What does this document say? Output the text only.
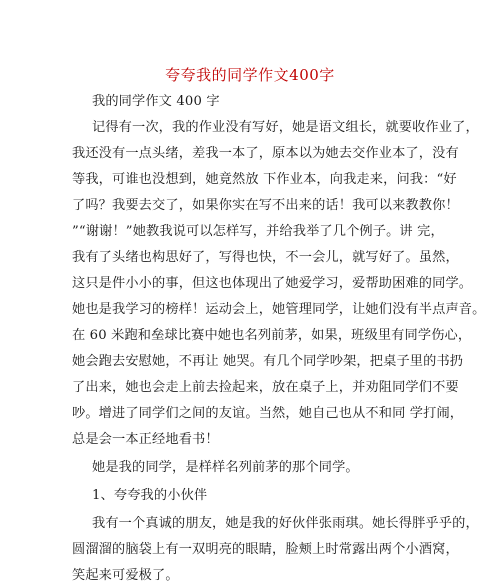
夸夸我的同学作文400字
我的同学作文 400 字
记得有一次，我的作业没有写好，她是语文组长，就要收作业了，
我还没有一点头绪，差我一本了，原本以为她去交作业本了，没有
等我，可谁也没想到，她竟然放 下作业本，向我走来，问我：“好
了吗？我要去交了，如果你实在写不出来的话！我可以来教教你！
”“谢谢！”她教我说可以怎样写，并给我举了几个例子。讲 完，
我有了头绪也构思好了，写得也快，不一会儿，就写好了。虽然，
这只是件小小的事，但这也体现出了她爱学习，爱帮助困难的同学。
她也是我学习的榜样！运动会上，她管理同学，让她们没有半点声音。
在 60 米跑和垒球比赛中她也名列前茅，如果，班级里有同学伤心，
她会跑去安慰她，不再让 她哭。有几个同学吵架，把桌子里的书扔
了出来，她也会走上前去捡起来，放在桌子上，并劝阻同学们不要
吵。增进了同学们之间的友谊。当然，她自己也从不和同 学打闹，
总是会一本正经地看书！
她是我的同学，是样样名列前茅的那个同学。
1、夸夸我的小伙伴
我有一个真诚的朋友，她是我的好伙伴张雨琪。她长得胖乎乎的，
圆溜溜的脑袋上有一双明亮的眼睛，脸颊上时常露出两个小酒窝，
笑起来可爱极了。
